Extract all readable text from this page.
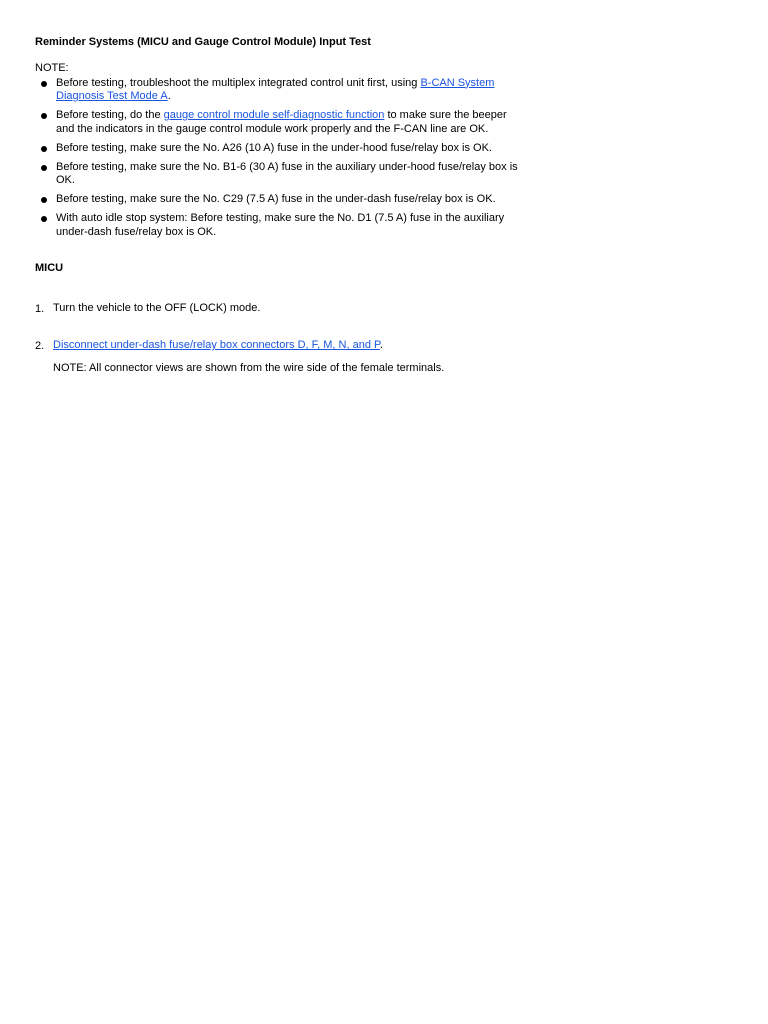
Reminder Systems (MICU and Gauge Control Module) Input Test
NOTE:
Before testing, troubleshoot the multiplex integrated control unit first, using B-CAN System Diagnosis Test Mode A.
Before testing, do the gauge control module self-diagnostic function to make sure the beeper and the indicators in the gauge control module work properly and the F-CAN line are OK.
Before testing, make sure the No. A26 (10 A) fuse in the under-hood fuse/relay box is OK.
Before testing, make sure the No. B1-6 (30 A) fuse in the auxiliary under-hood fuse/relay box is OK.
Before testing, make sure the No. C29 (7.5 A) fuse in the under-dash fuse/relay box is OK.
With auto idle stop system: Before testing, make sure the No. D1 (7.5 A) fuse in the auxiliary under-dash fuse/relay box is OK.
MICU
1. Turn the vehicle to the OFF (LOCK) mode.
2. Disconnect under-dash fuse/relay box connectors D, F, M, N, and P.
NOTE: All connector views are shown from the wire side of the female terminals.
